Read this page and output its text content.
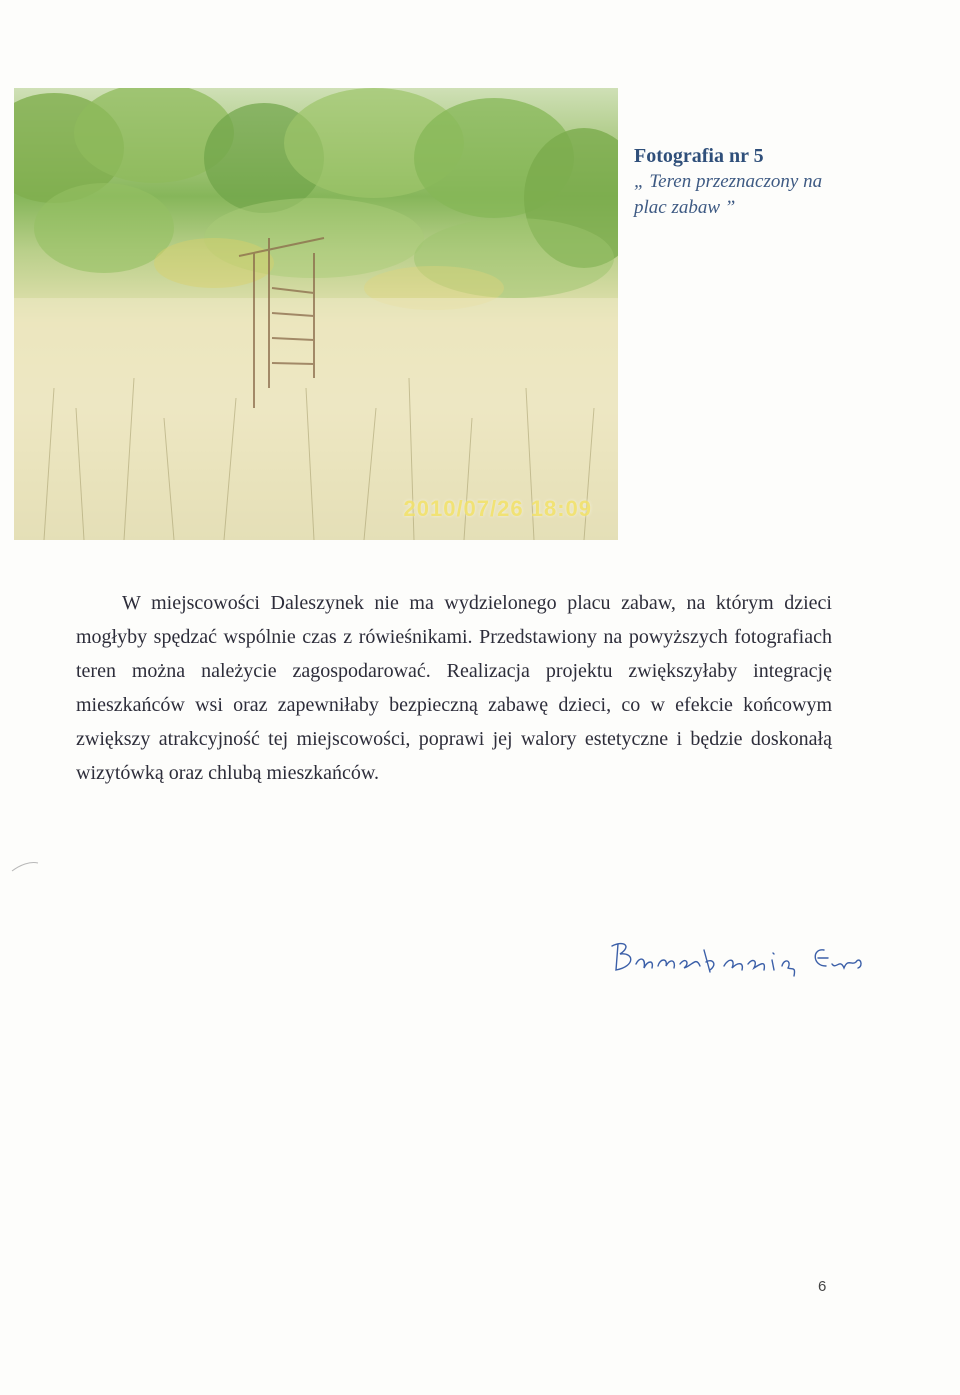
2010/07/26 18:09
Fotografia nr 5
„ Teren przeznaczony na
plac zabaw ”

W miejscowości Daleszynek nie ma wydzielonego placu zabaw, na którym dzieci mogłyby spędzać wspólnie czas z rówieśnikami. Przedstawiony na powyższych fotografiach teren można należycie zagospodarować. Realizacja projektu zwiększyłaby integrację mieszkańców wsi oraz zapewniłaby bezpieczną zabawę dzieci, co w efekcie końcowym zwiększy atrakcyjność tej miejscowości, poprawi jej walory estetyczne i będzie doskonałą wizytówką oraz chlubą mieszkańców.

6
